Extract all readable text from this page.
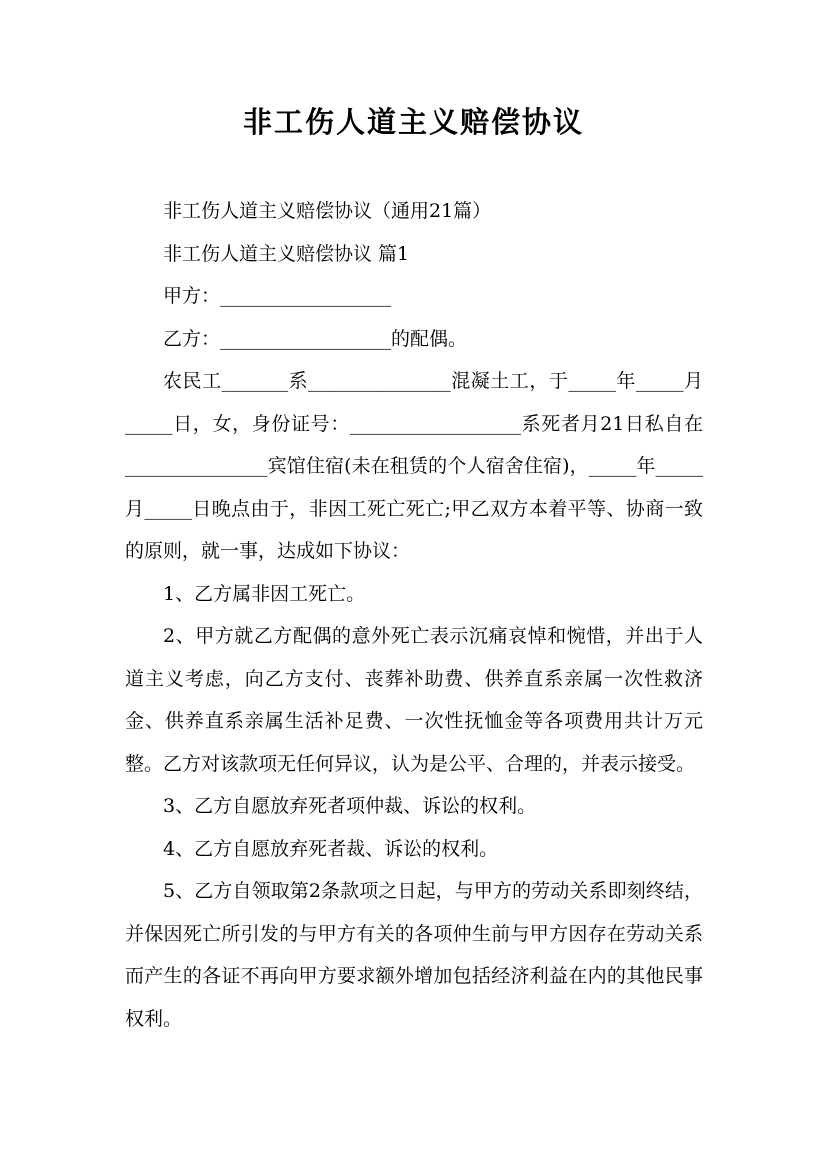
非工伤人道主义赔偿协议

非工伤人道主义赔偿协议（通用21篇）

非工伤人道主义赔偿协议 篇1

甲方：__________________

乙方：__________________的配偶。

农民工_______系_______________混凝土工，于_____年_____月_____日，女，身份证号：__________________系死者月21日私自在_______________宾馆住宿(未在租赁的个人宿舍住宿)，_____年_____月_____日晚点由于，非因工死亡死亡;甲乙双方本着平等、协商一致的原则，就一事，达成如下协议：

1、乙方属非因工死亡。

2、甲方就乙方配偶的意外死亡表示沉痛哀悼和惋惜，并出于人道主义考虑，向乙方支付、丧葬补助费、供养直系亲属一次性救济金、供养直系亲属生活补足费、一次性抚恤金等各项费用共计万元整。乙方对该款项无任何异议，认为是公平、合理的，并表示接受。

3、乙方自愿放弃死者项仲裁、诉讼的权利。

4、乙方自愿放弃死者裁、诉讼的权利。

5、乙方自领取第2条款项之日起，与甲方的劳动关系即刻终结，并保因死亡所引发的与甲方有关的各项仲生前与甲方因存在劳动关系而产生的各证不再向甲方要求额外增加包括经济利益在内的其他民事权利。
